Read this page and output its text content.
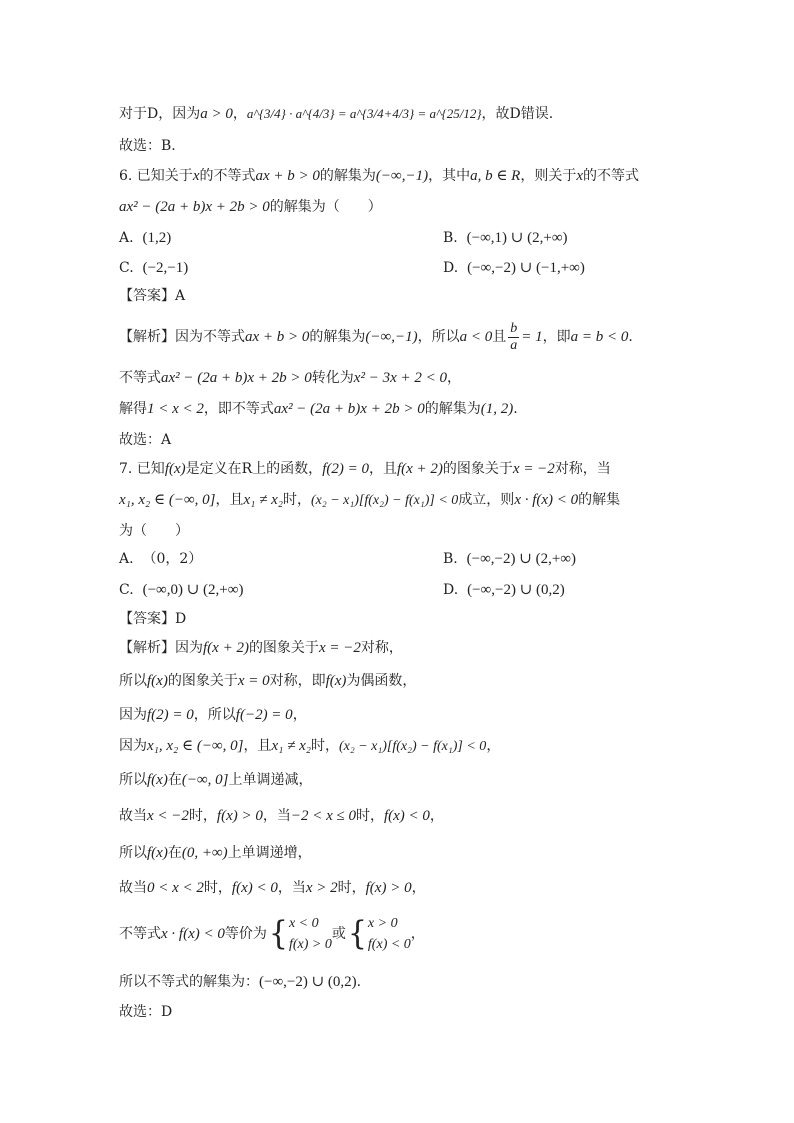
对于D，因为a > 0，a^{3/4} · a^{4/3} = a^{3/4+4/3} = a^{25/12}，故D错误.
故选：B.
6. 已知关于x的不等式ax + b > 0的解集为(−∞,−1)，其中a, b ∈ R，则关于x的不等式
ax² − (2a + b)x + 2b > 0的解集为（　　）
A. (1,2)	B. (−∞,1) ∪ (2,+∞)
C. (−2,−1)	D. (−∞,−2) ∪ (−1,+∞)
【答案】A
【解析】因为不等式ax + b > 0的解集为(−∞,−1)，所以a < 0且 $\frac{b}{a} = 1$，即a = b < 0.
不等式ax² − (2a + b)x + 2b > 0转化为x² − 3x + 2 < 0，
解得1 < x < 2，即不等式ax² − (2a + b)x + 2b > 0的解集为(1, 2).
故选：A
7. 已知f(x)是定义在R上的函数，f(2) = 0，且f(x + 2)的图象关于x = −2对称，当
x₁, x₂ ∈ (−∞, 0]，且x₁ ≠ x₂时，(x₂ − x₁)[f(x₂) − f(x₁)] < 0成立，则x · f(x) < 0的解集
为（　　）
A. （0，2）	B. (−∞,−2) ∪ (2,+∞)
C. (−∞,0) ∪ (2,+∞)	D. (−∞,−2) ∪ (0,2)
【答案】D
【解析】因为f(x + 2)的图象关于x = −2对称，
所以f(x)的图象关于x = 0对称，即f(x)为偶函数，
因为f(2) = 0，所以f(−2) = 0，
因为x₁, x₂ ∈ (−∞, 0]，且x₁ ≠ x₂时，(x₂ − x₁)[f(x₂) − f(x₁)] < 0，
所以f(x)在(−∞, 0]上单调递减，
故当x < −2时，f(x) > 0，当−2 < x ≤ 0时，f(x) < 0，
所以f(x)在(0, +∞)上单调递增，
故当0 < x < 2时，f(x) < 0，当x > 2时，f(x) > 0，
不等式x · f(x) < 0等价为{ x < 0
f(x) > 0
或{ x > 0
f(x) < 0
，
所以不等式的解集为：(−∞,−2) ∪ (0,2).
故选：D
